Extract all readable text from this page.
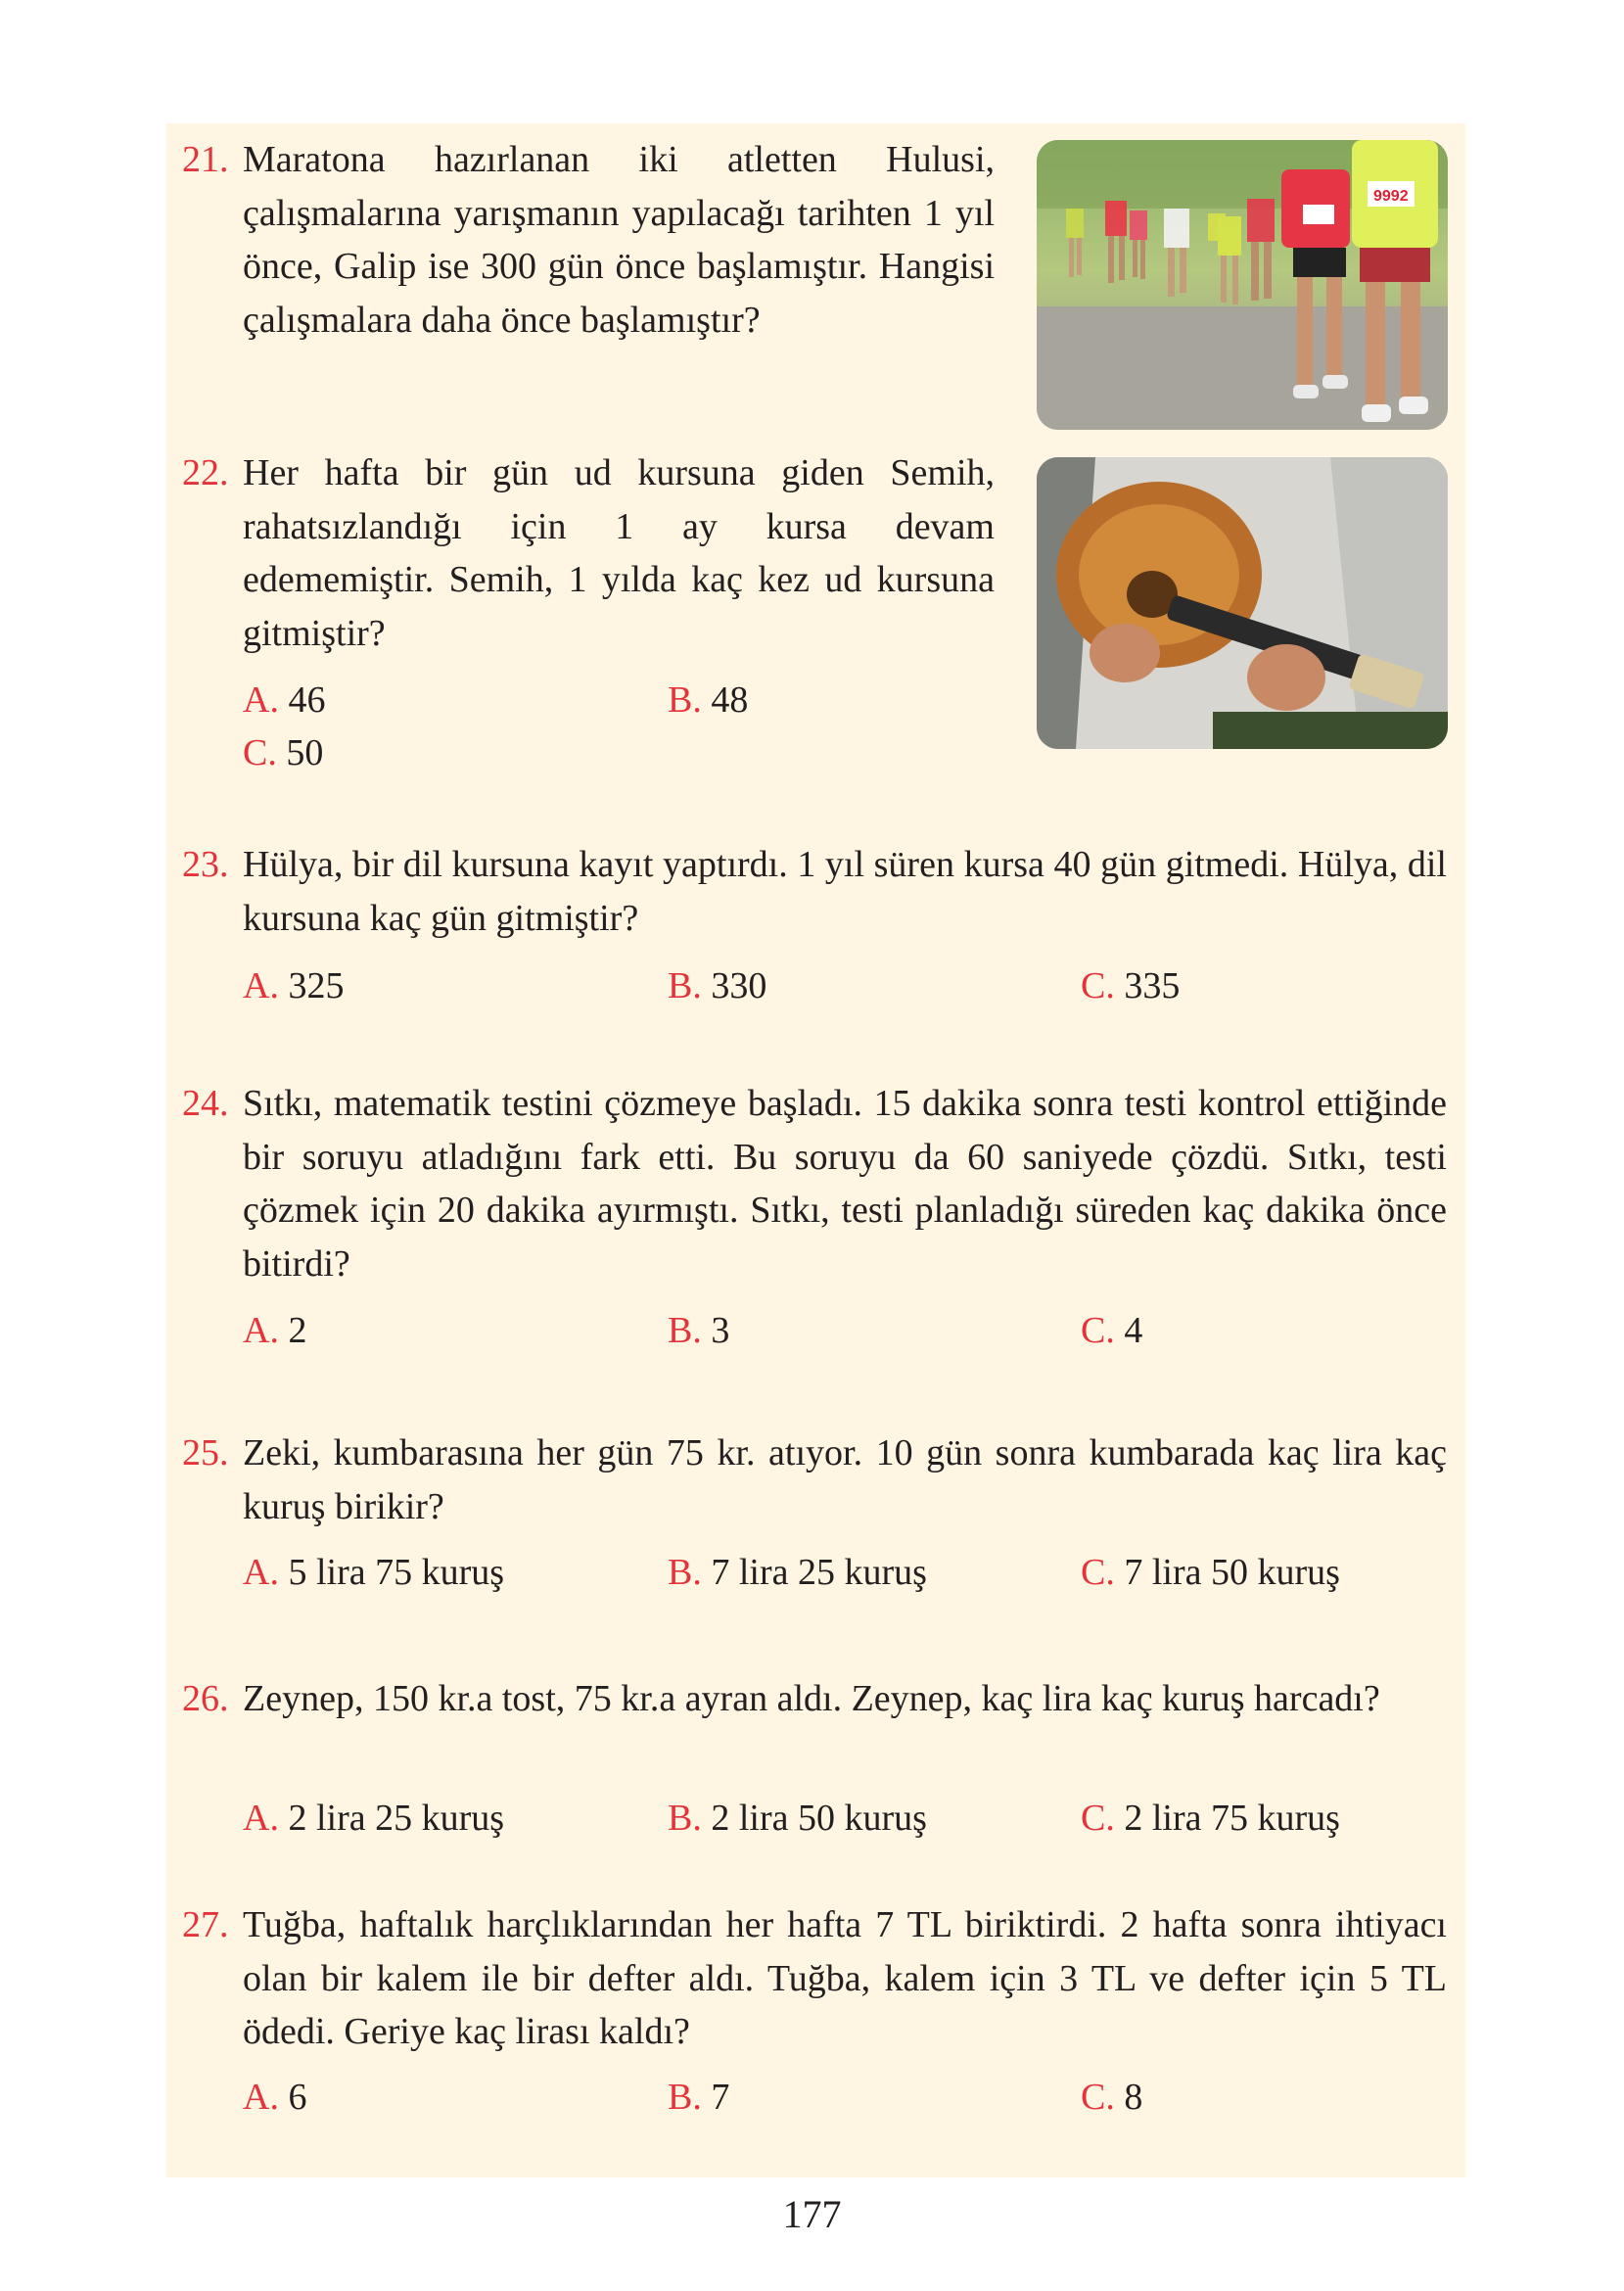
21. Maratona hazırlanan iki atletten Hulusi, çalışmalarına yarışmanın yapılacağı tarihten 1 yıl önce, Galip ise 300 gün önce başlamıştır. Hangisi çalışmalara daha önce başlamıştır?
9992
22. Her hafta bir gün ud kursuna giden Semih, rahatsızlandığı için 1 ay kursa devam edememiştir. Semih, 1 yılda kaç kez ud kursuna gitmiştir?
A. 46	B. 48
C. 50
23. Hülya, bir dil kursuna kayıt yaptırdı. 1 yıl süren kursa 40 gün gitmedi. Hülya, dil kursuna kaç gün gitmiştir?
A. 325	B. 330	C. 335
24. Sıtkı, matematik testini çözmeye başladı. 15 dakika sonra testi kontrol ettiğinde bir soruyu atladığını fark etti. Bu soruyu da 60 saniyede çözdü. Sıtkı, testi çözmek için 20 dakika ayırmıştı. Sıtkı, testi planladığı süreden kaç dakika önce bitirdi?
A. 2	B. 3	C. 4
25. Zeki, kumbarasına her gün 75 kr. atıyor. 10 gün sonra kumbarada kaç lira kaç kuruş birikir?
A. 5 lira 75 kuruş	B. 7 lira 25 kuruş	C. 7 lira 50 kuruş
26. Zeynep, 150 kr.a tost, 75 kr.a ayran aldı. Zeynep, kaç lira kaç kuruş harcadı?
A. 2 lira 25 kuruş	B. 2 lira 50 kuruş	C. 2 lira 75 kuruş
27. Tuğba, haftalık harçlıklarından her hafta 7 TL biriktirdi. 2 hafta sonra ihtiyacı olan bir kalem ile bir defter aldı. Tuğba, kalem için 3 TL ve defter için 5 TL ödedi. Geriye kaç lirası kaldı?
A. 6	B. 7	C. 8
177
